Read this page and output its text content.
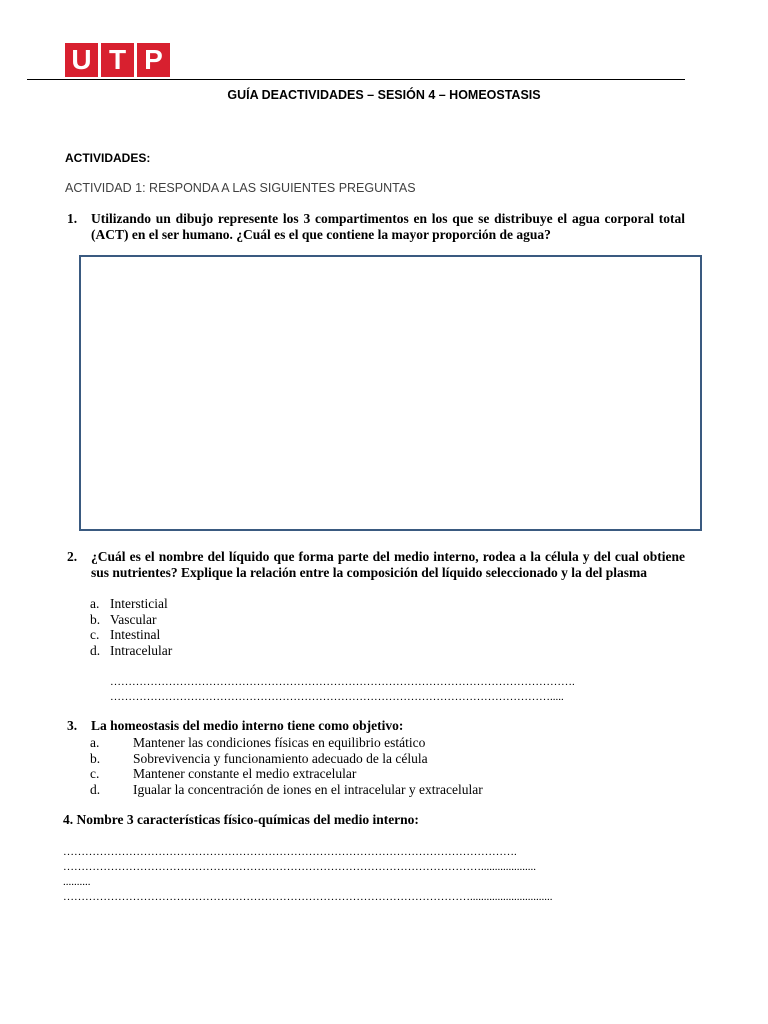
U T P
GUÍA DEACTIVIDADES – SESIÓN 4 – HOMEOSTASIS
ACTIVIDADES:
ACTIVIDAD 1: RESPONDA A LAS SIGUIENTES PREGUNTAS
1. Utilizando un dibujo represente los 3 compartimentos en los que se distribuye el agua corporal total (ACT) en el ser humano. ¿Cuál es el que contiene la mayor proporción de agua?
2. ¿Cuál es el nombre del líquido que forma parte del medio interno, rodea a la célula y del cual obtiene sus nutrientes? Explique la relación entre la composición del líquido seleccionado y la del plasma
a. Intersticial
b. Vascular
c. Intestinal
d. Intracelular
……………………………………………………………………………………………………………….
………………………………………………………………………………………………………….....
3. La homeostasis del medio interno tiene como objetivo:
a.	Mantener las condiciones físicas en equilibrio estático
b.	Sobrevivencia y funcionamiento adecuado de la célula
c.	Mantener constante el medio extracelular
d.	Igualar la concentración de iones en el intracelular y extracelular
4. Nombre 3 características físico-químicas del medio interno:
…………………………………………………………………………………………………………….
……………………………………………………………………………………………………....................
..........
…………………………………………………………………………………………………..............................
